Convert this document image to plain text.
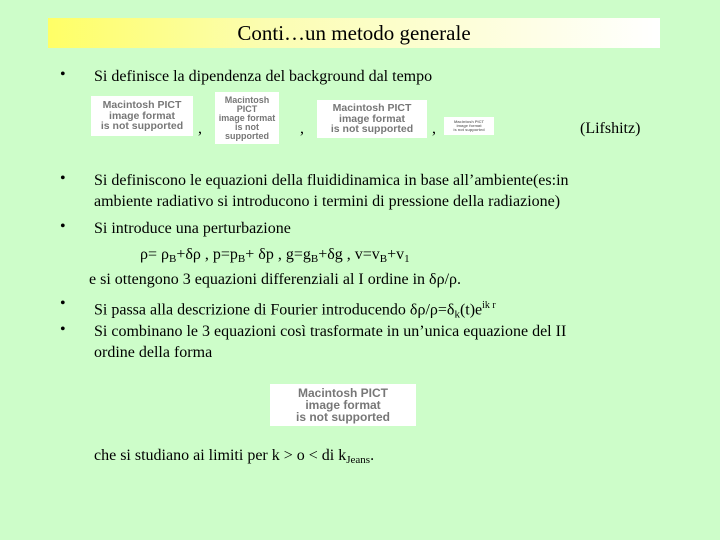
Conti…un metodo generale
• Si definisce la dipendenza del background dal tempo
Macintosh PICT
image format
is not supported ,
Macintosh PICT
image format
is not supported	,
Macintosh PICT
image format
is not supported ,	Macintosh PICT
image format
is not supported	(Lifshitz)
• Si definiscono le equazioni della fluididinamica in base all’ambiente(es:in
ambiente radiativo si introducono i termini di pressione della radiazione)
• Si introduce una perturbazione
$\rho= \rho_B+\delta\rho$ , $p=p_B+ \delta p$ , $g=g_B+\delta g$ , $v=v_B+v_1$
e si ottengono 3 equazioni differenziali al I ordine in δρ/ρ.
• Si passa alla descrizione di Fourier introducendo $\delta\rho/\rho=\delta_k(t)e^{ik r}$
• Si combinano le 3 equazioni così trasformate in un’unica equazione del II
ordine della forma
Macintosh PICT
image format
is not supported
che si studiano ai limiti per k > o < di $k_{Jeans}$.
